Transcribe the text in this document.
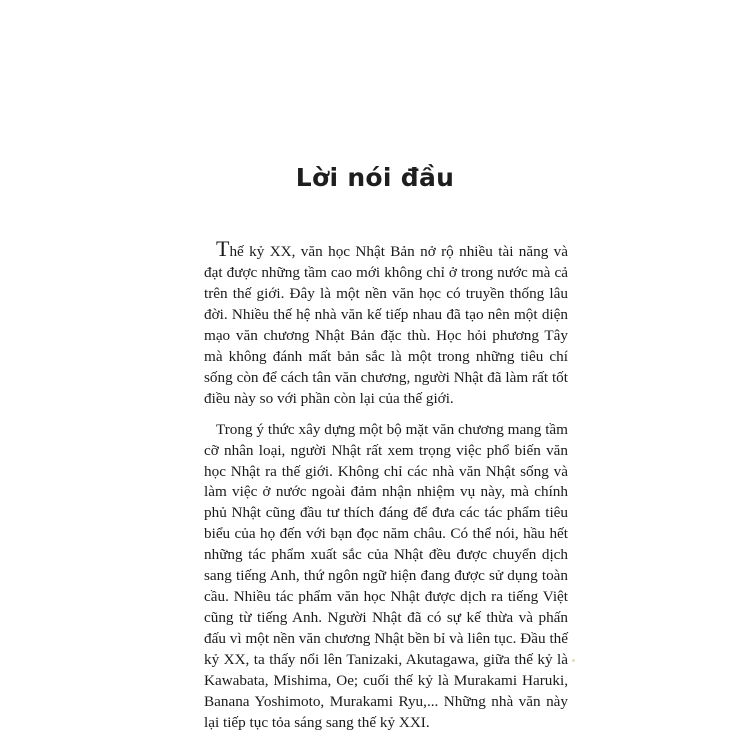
Lời nói đầu

Thế kỷ XX, văn học Nhật Bản nở rộ nhiều tài năng và đạt được những tầm cao mới không chỉ ở trong nước mà cả trên thế giới. Đây là một nền văn học có truyền thống lâu đời. Nhiều thế hệ nhà văn kế tiếp nhau đã tạo nên một diện mạo văn chương Nhật Bản đặc thù. Học hỏi phương Tây mà không đánh mất bản sắc là một trong những tiêu chí sống còn để cách tân văn chương, người Nhật đã làm rất tốt điều này so với phần còn lại của thế giới.

Trong ý thức xây dựng một bộ mặt văn chương mang tầm cỡ nhân loại, người Nhật rất xem trọng việc phổ biến văn học Nhật ra thế giới. Không chỉ các nhà văn Nhật sống và làm việc ở nước ngoài đảm nhận nhiệm vụ này, mà chính phủ Nhật cũng đầu tư thích đáng để đưa các tác phẩm tiêu biểu của họ đến với bạn đọc năm châu. Có thể nói, hầu hết những tác phẩm xuất sắc của Nhật đều được chuyển dịch sang tiếng Anh, thứ ngôn ngữ hiện đang được sử dụng toàn cầu. Nhiều tác phẩm văn học Nhật được dịch ra tiếng Việt cũng từ tiếng Anh. Người Nhật đã có sự kế thừa và phấn đấu vì một nền văn chương Nhật bền bỉ và liên tục. Đầu thế kỷ XX, ta thấy nổi lên Tanizaki, Akutagawa, giữa thế kỷ là Kawabata, Mishima, Oe; cuối thế kỷ là Murakami Haruki, Banana Yoshimoto, Murakami Ryu,... Những nhà văn này lại tiếp tục tỏa sáng sang thế kỷ XXI.
